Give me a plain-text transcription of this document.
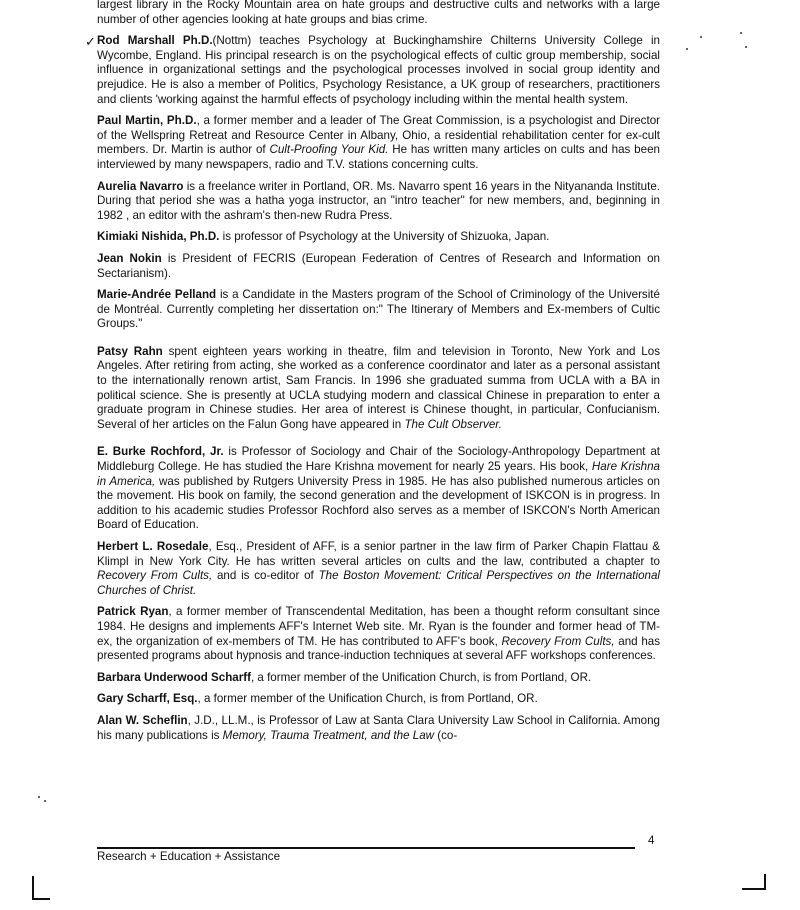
✓

largest library in the Rocky Mountain area on hate groups and destructive cults and networks with a large number of other agencies looking at hate groups and bias crime.

Rod Marshall Ph.D.(Nottm) teaches Psychology at Buckinghamshire Chilterns University College in Wycombe, England. His principal research is on the psychological effects of cultic group membership, social influence in organizational settings and the psychological processes involved in social group identity and prejudice. He is also a member of Politics, Psychology Resistance, a UK group of researchers, practitioners and clients 'working against the harmful effects of psychology including within the mental health system.

Paul Martin, Ph.D., a former member and a leader of The Great Commission, is a psychologist and Director of the Wellspring Retreat and Resource Center in Albany, Ohio, a residential rehabilitation center for ex-cult members. Dr. Martin is author of Cult-Proofing Your Kid. He has written many articles on cults and has been interviewed by many newspapers, radio and T.V. stations concerning cults.

Aurelia Navarro is a freelance writer in Portland, OR. Ms. Navarro spent 16 years in the Nityananda Institute. During that period she was a hatha yoga instructor, an "intro teacher" for new members, and, beginning in 1982 , an editor with the ashram's then-new Rudra Press.

Kimiaki Nishida, Ph.D. is professor of Psychology at the University of Shizuoka, Japan.

Jean Nokin is President of FECRIS (European Federation of Centres of Research and Information on Sectarianism).

Marie-Andrée Pelland is a Candidate in the Masters program of the School of Criminology of the Université de Montréal. Currently completing her dissertation on:" The Itinerary of Members and Ex-members of Cultic Groups."

Patsy Rahn spent eighteen years working in theatre, film and television in Toronto, New York and Los Angeles. After retiring from acting, she worked as a conference coordinator and later as a personal assistant to the internationally renown artist, Sam Francis. In 1996 she graduated summa from UCLA with a BA in political science. She is presently at UCLA studying modern and classical Chinese in preparation to enter a graduate program in Chinese studies. Her area of interest is Chinese thought, in particular, Confucianism. Several of her articles on the Falun Gong have appeared in The Cult Observer.

E. Burke Rochford, Jr. is Professor of Sociology and Chair of the Sociology-Anthropology Department at Middleburg College. He has studied the Hare Krishna movement for nearly 25 years. His book, Hare Krishna in America, was published by Rutgers University Press in 1985. He has also published numerous articles on the movement. His book on family, the second generation and the development of ISKCON is in progress. In addition to his academic studies Professor Rochford also serves as a member of ISKCON's North American Board of Education.

Herbert L. Rosedale, Esq., President of AFF, is a senior partner in the law firm of Parker Chapin Flattau & Klimpl in New York City. He has written several articles on cults and the law, contributed a chapter to Recovery From Cults, and is co-editor of The Boston Movement: Critical Perspectives on the International Churches of Christ.

Patrick Ryan, a former member of Transcendental Meditation, has been a thought reform consultant since 1984. He designs and implements AFF's Internet Web site. Mr. Ryan is the founder and former head of TM-ex, the organization of ex-members of TM. He has contributed to AFF's book, Recovery From Cults, and has presented programs about hypnosis and trance-induction techniques at several AFF workshops conferences.

Barbara Underwood Scharff, a former member of the Unification Church, is from Portland, OR.

Gary Scharff, Esq., a former member of the Unification Church, is from Portland, OR.

Alan W. Scheflin, J.D., LL.M., is Professor of Law at Santa Clara University Law School in California. Among his many publications is Memory, Trauma Treatment, and the Law (co-

4
Research + Education + Assistance
